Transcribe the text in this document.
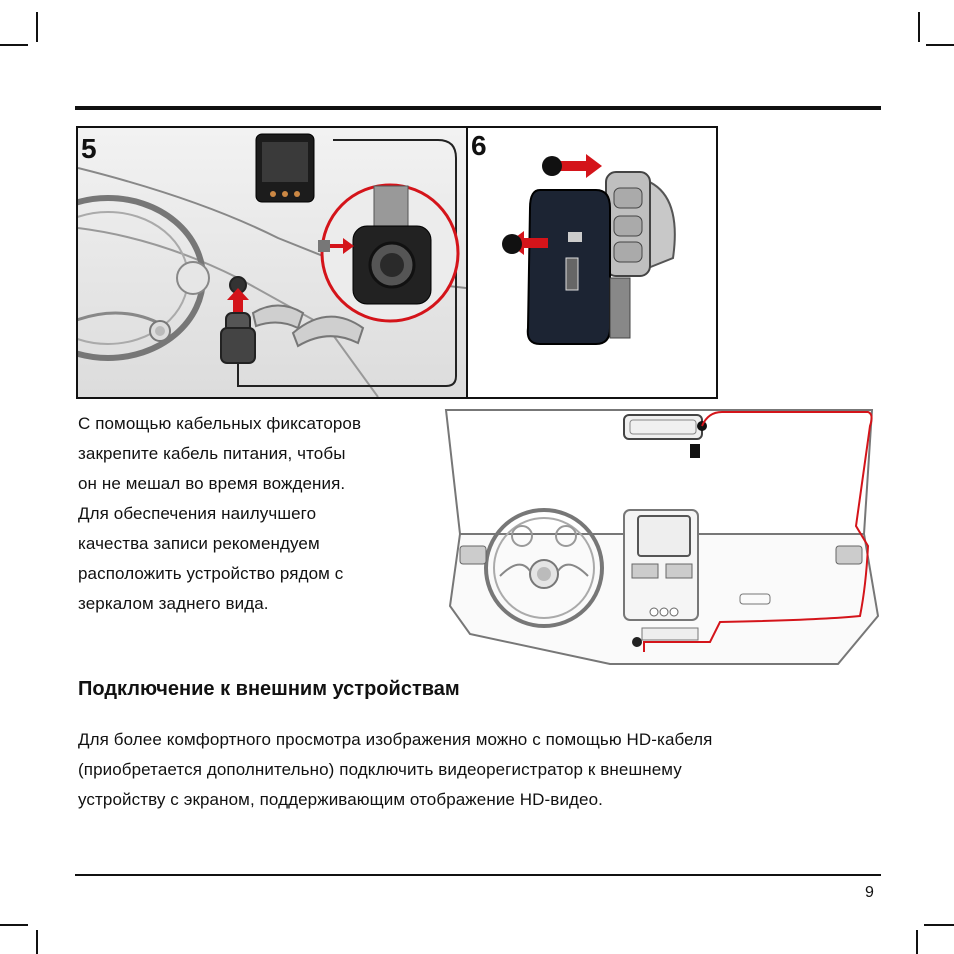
5	6
С помощью кабельных фиксаторов
закрепите кабель питания, чтобы
он не мешал во время вождения.
Для обеспечения наилучшего
качества записи рекомендуем
расположить устройство рядом с
зеркалом заднего вида.
Подключение к внешним устройствам
Для более комфортного просмотра изображения можно с помощью HD-кабеля
(приобретается дополнительно) подключить видеорегистратор к внешнему
устройству с экраном, поддерживающим отображение HD-видео.
9
